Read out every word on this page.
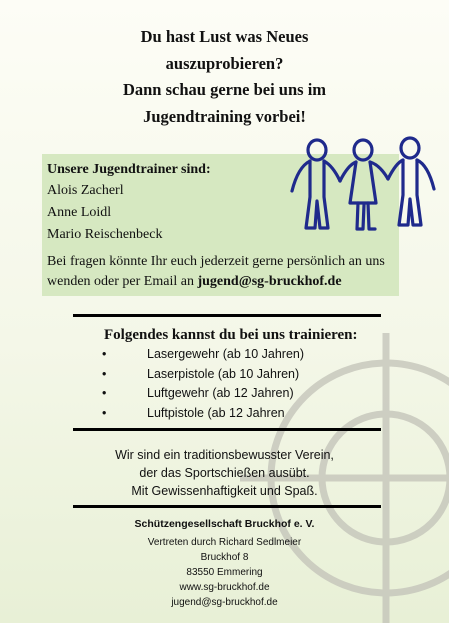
Du hast Lust was Neues
auszuprobieren?
Dann schau gerne bei uns im
Jugendtraining vorbei!
Unsere Jugendtrainer sind:
Alois Zacherl
Anne Loidl
Mario Reischenbeck
Bei fragen könnte Ihr euch jederzeit gerne persönlich an uns wenden oder per Email an jugend@sg-bruckhof.de
Folgendes kannst du bei uns trainieren:
•	Lasergewehr (ab 10 Jahren)
•	Laserpistole (ab 10 Jahren)
•	Luftgewehr (ab 12 Jahren)
•	Luftpistole (ab 12 Jahren
Wir sind ein traditionsbewusster Verein,
der das Sportschießen ausübt.
Mit Gewissenhaftigkeit und Spaß.
Schützengesellschaft Bruckhof e. V.
Vertreten durch Richard Sedlmeier
Bruckhof 8
83550 Emmering
www.sg-bruckhof.de
jugend@sg-bruckhof.de
